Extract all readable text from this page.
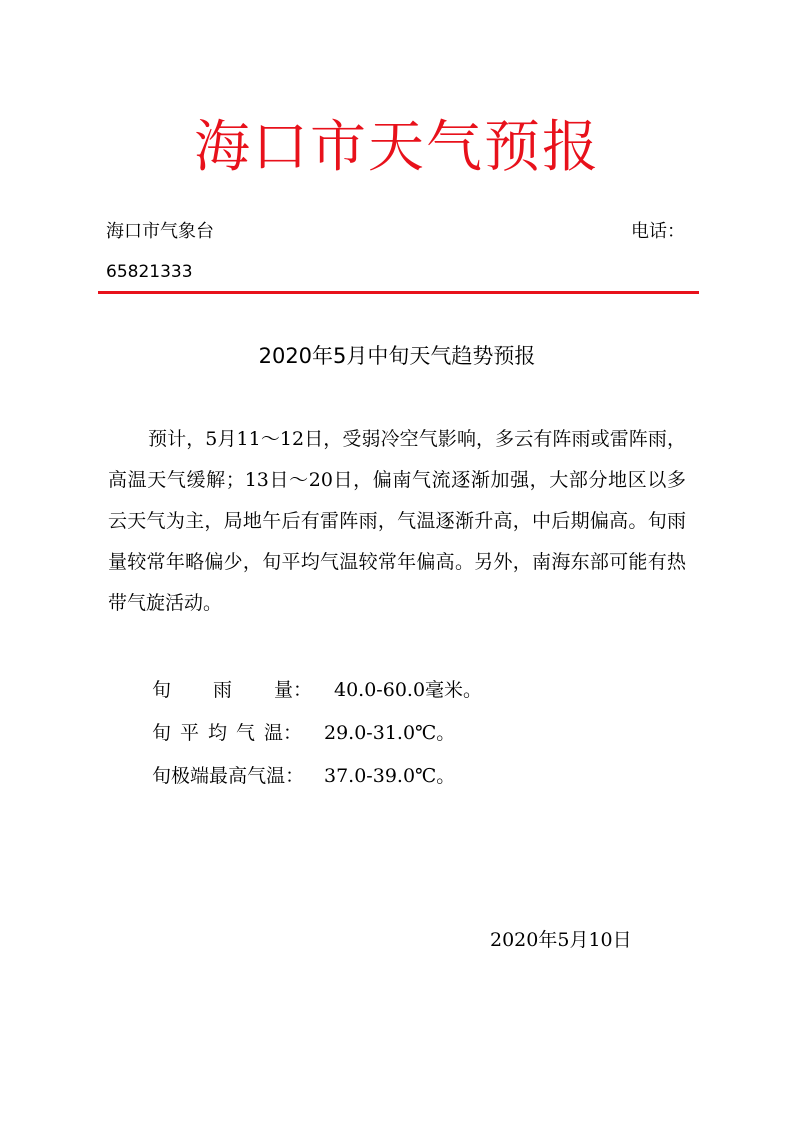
海口市天气预报
海口市气象台	电话：
65821333
2020年5月中旬天气趋势预报

预计，5月11～12日，受弱冷空气影响，多云有阵雨或雷阵雨，高温天气缓解；13日～20日，偏南气流逐渐加强，大部分地区以多云天气为主，局地午后有雷阵雨，气温逐渐升高，中后期偏高。旬雨量较常年略偏少，旬平均气温较常年偏高。另外，南海东部可能有热带气旋活动。

旬 雨 量： 40.0-60.0毫米。
旬 平 均 气 温： 29.0-31.0℃。
旬 极 端 最 高 气 温： 37.0-39.0℃。
2020年5月10日
